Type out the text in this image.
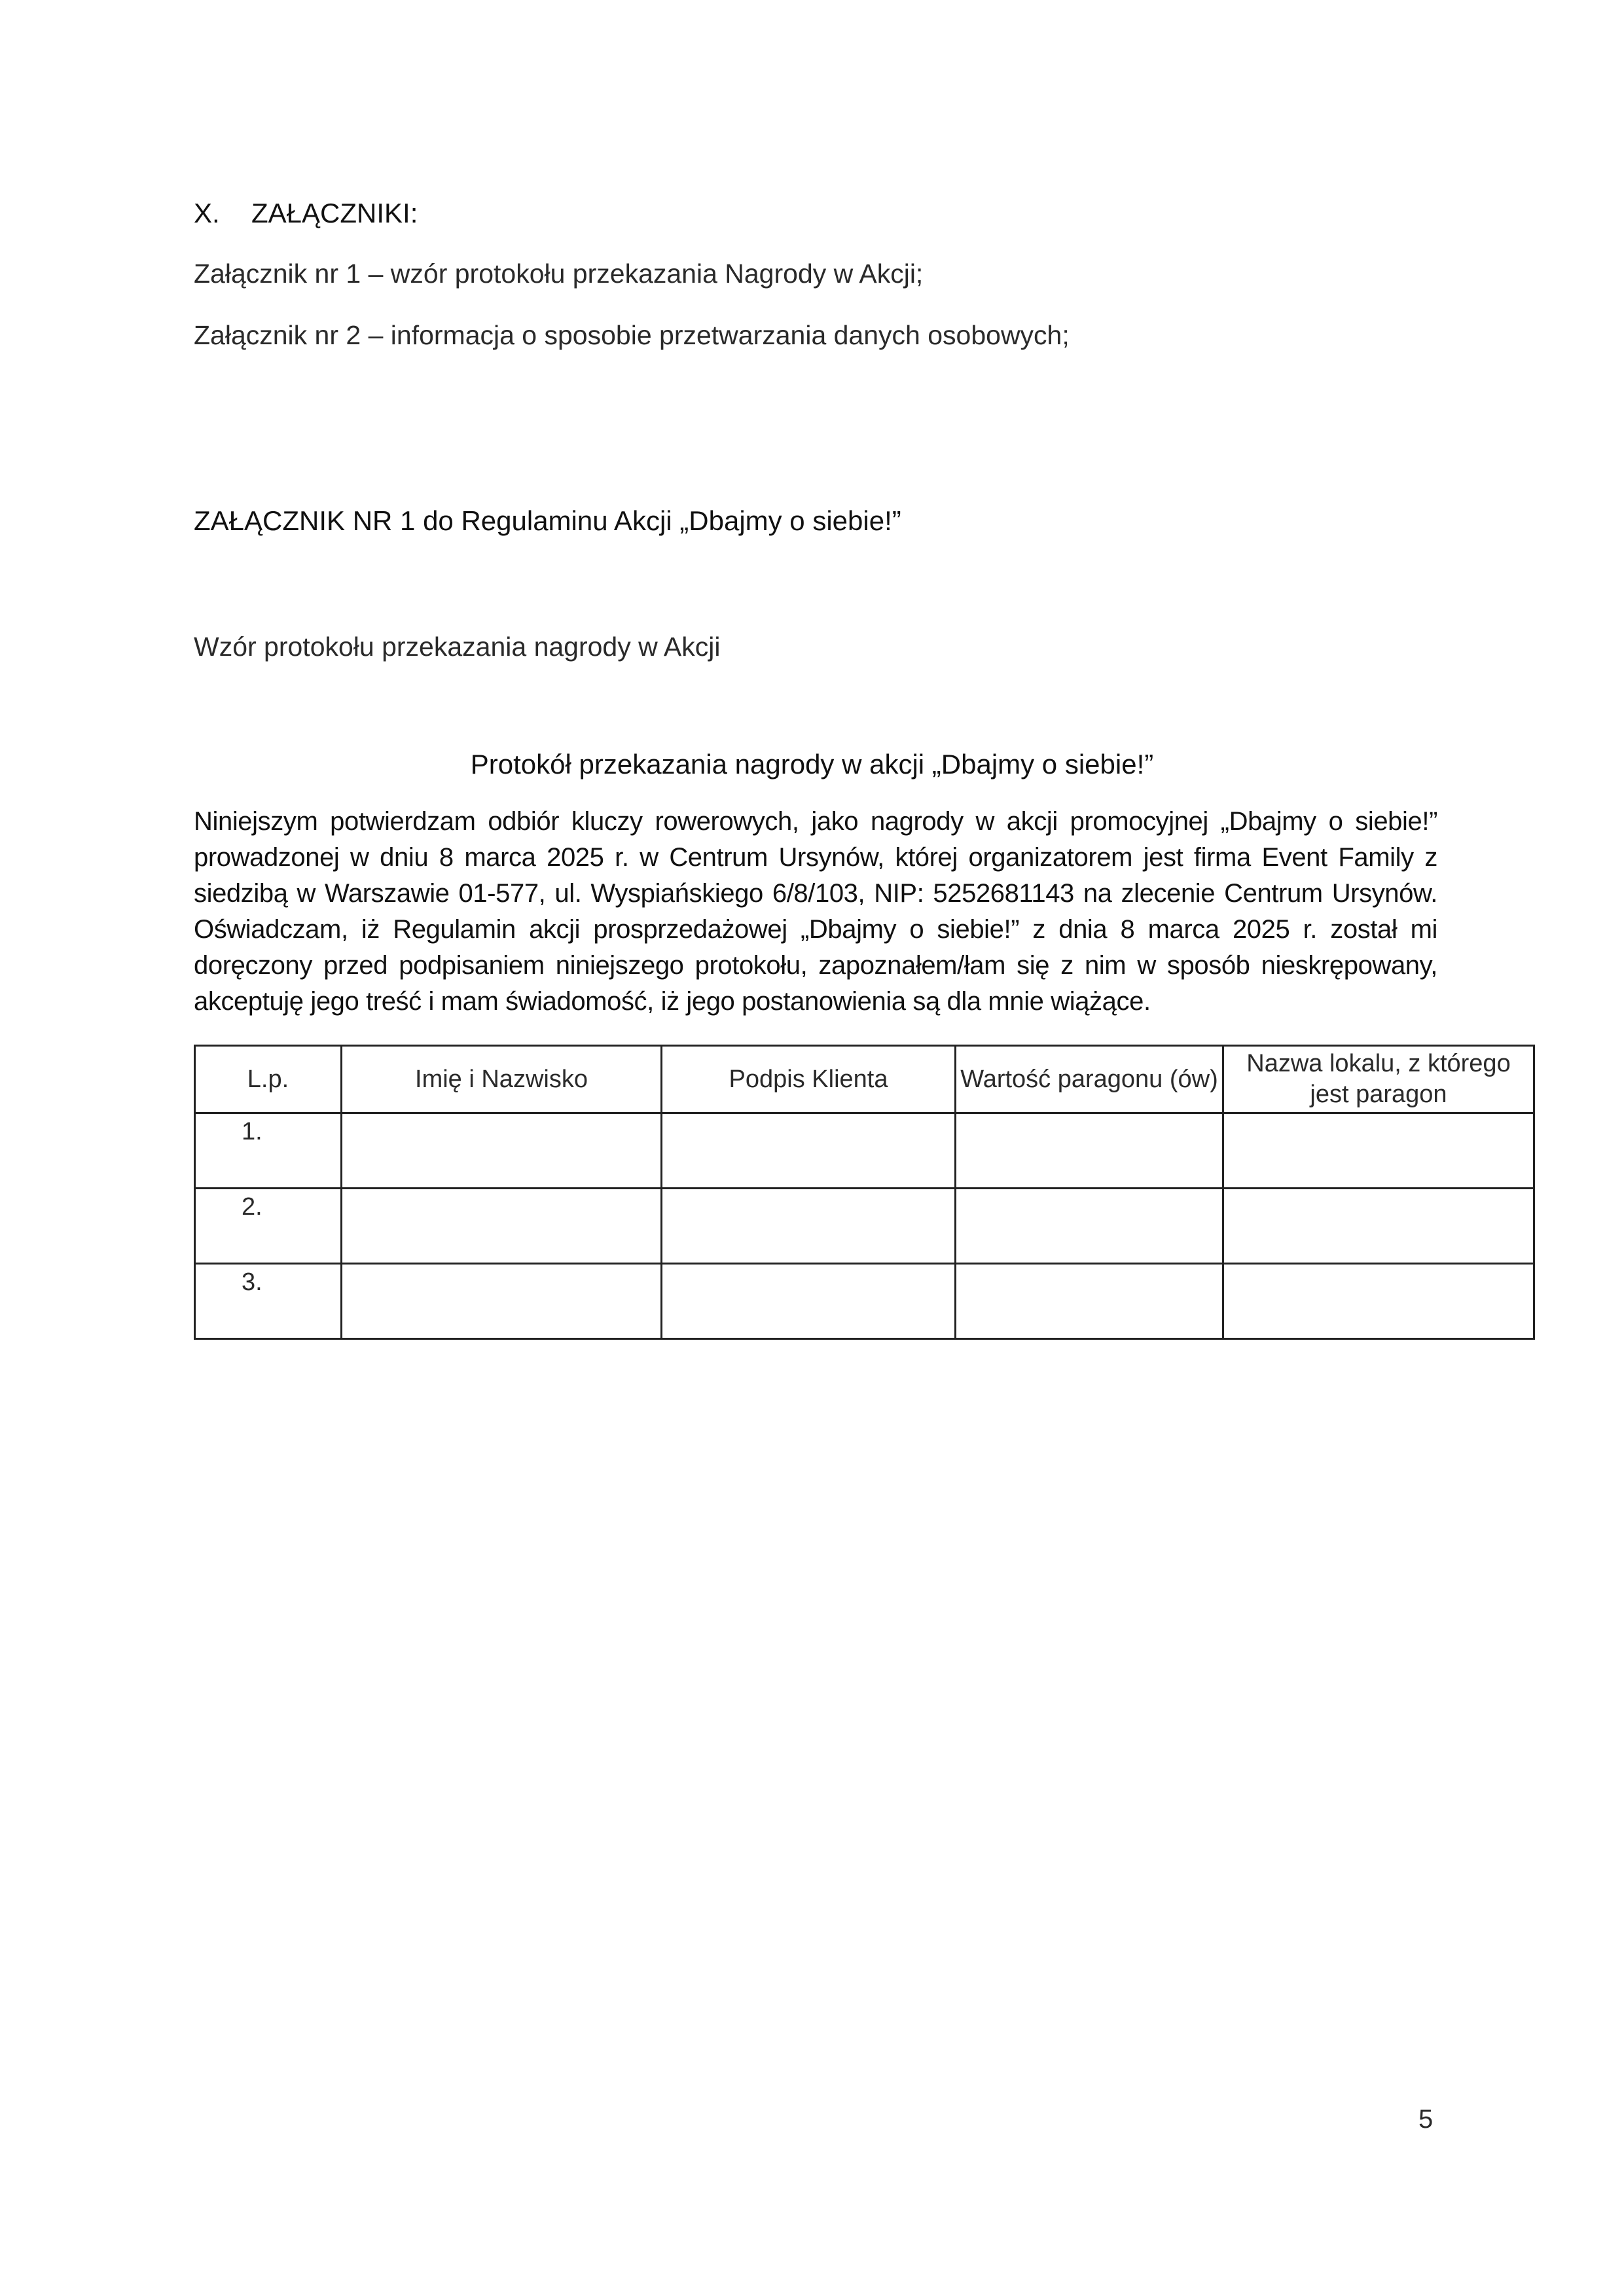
X. ZAŁĄCZNIKI:
Załącznik nr 1 – wzór protokołu przekazania Nagrody w Akcji;
Załącznik nr 2 – informacja o sposobie przetwarzania danych osobowych;
ZAŁĄCZNIK NR 1 do Regulaminu Akcji „Dbajmy o siebie!”
Wzór protokołu przekazania nagrody w Akcji
Protokół przekazania nagrody w akcji „Dbajmy o siebie!”
Niniejszym potwierdzam odbiór kluczy rowerowych, jako nagrody w akcji promocyjnej „Dbajmy o siebie!” prowadzonej w dniu 8 marca 2025 r. w Centrum Ursynów, której organizatorem jest firma Event Family z siedzibą w Warszawie 01-577, ul. Wyspiańskiego 6/8/103, NIP: 5252681143 na zlecenie Centrum Ursynów. Oświadczam, iż Regulamin akcji prosprzedażowej „Dbajmy o siebie!” z dnia 8 marca 2025 r. został mi doręczony przed podpisaniem niniejszego protokołu, zapoznałem/łam się z nim w sposób nieskrępowany, akceptuję jego treść i mam świadomość, iż jego postanowienia są dla mnie wiążące.
L.p.	Imię i Nazwisko	Podpis Klienta	Wartość paragonu (ów)	Nazwa lokalu, z którego jest paragon
1.				
2.				
3.				
5
